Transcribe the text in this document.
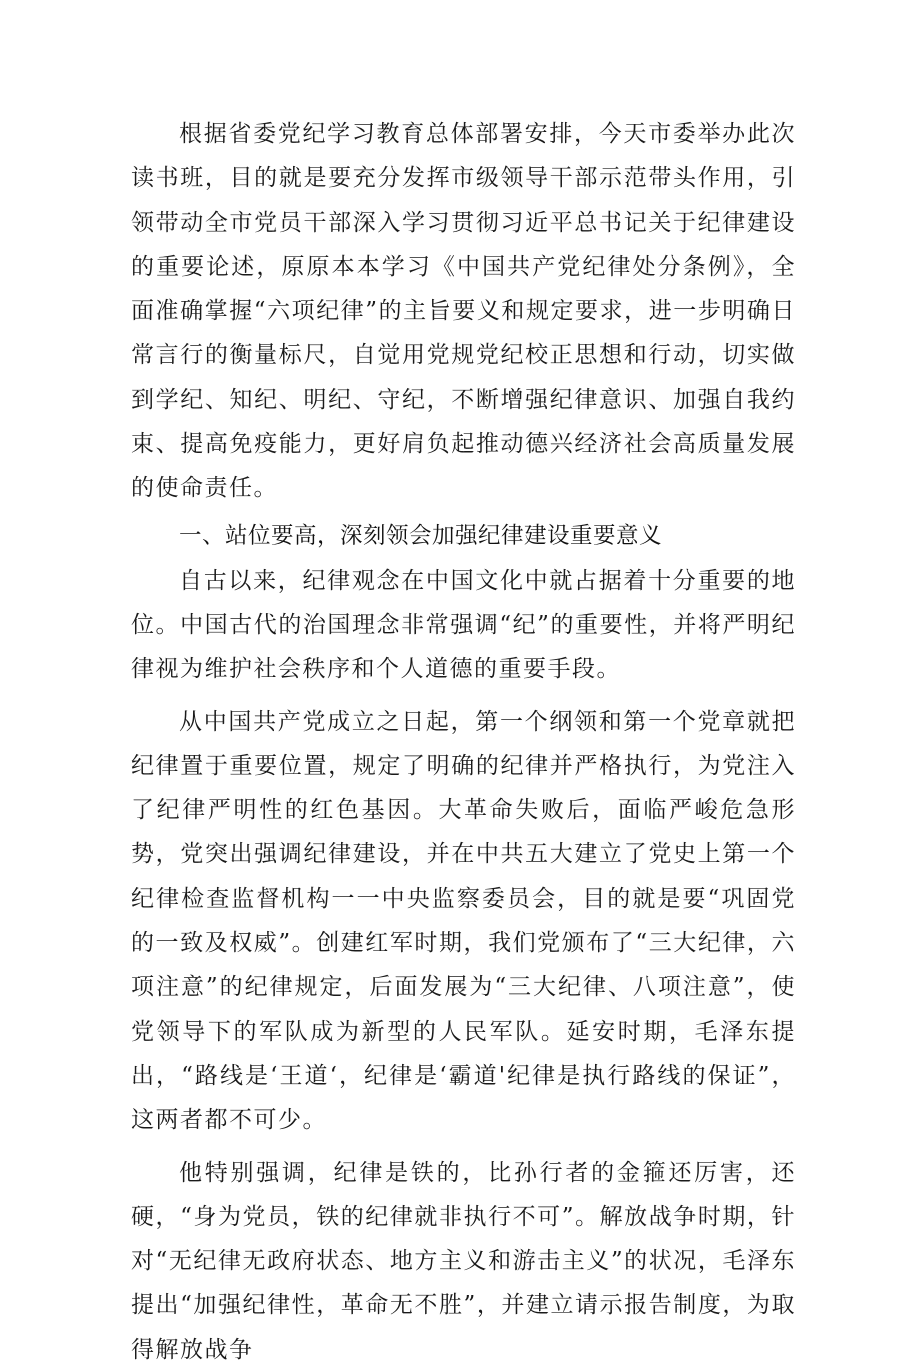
根据省委党纪学习教育总体部署安排，今天市委举办此次读书班，目的就是要充分发挥市级领导干部示范带头作用，引领带动全市党员干部深入学习贯彻习近平总书记关于纪律建设的重要论述，原原本本学习《中国共产党纪律处分条例》，全面准确掌握“六项纪律”的主旨要义和规定要求，进一步明确日常言行的衡量标尺，自觉用党规党纪校正思想和行动，切实做到学纪、知纪、明纪、守纪，不断增强纪律意识、加强自我约束、提高免疫能力，更好肩负起推动德兴经济社会高质量发展的使命责任。

一、站位要高，深刻领会加强纪律建设重要意义

自古以来，纪律观念在中国文化中就占据着十分重要的地位。中国古代的治国理念非常强调“纪”的重要性，并将严明纪律视为维护社会秩序和个人道德的重要手段。

从中国共产党成立之日起，第一个纲领和第一个党章就把纪律置于重要位置，规定了明确的纪律并严格执行，为党注入了纪律严明性的红色基因。大革命失败后，面临严峻危急形势，党突出强调纪律建设，并在中共五大建立了党史上第一个纪律检查监督机构一一中央监察委员会，目的就是要“巩固党的一致及权威”。创建红军时期，我们党颁布了“三大纪律，六项注意”的纪律规定，后面发展为“三大纪律、八项注意”，使党领导下的军队成为新型的人民军队。延安时期，毛泽东提出，“路线是‘王道‘，纪律是‘霸道'纪律是执行路线的保证”，这两者都不可少。

他特别强调，纪律是铁的，比孙行者的金箍还厉害，还硬，“身为党员，铁的纪律就非执行不可”。解放战争时期，针对“无纪律无政府状态、地方主义和游击主义”的状况，毛泽东提出“加强纪律性，革命无不胜”，并建立请示报告制度，为取得解放战争
